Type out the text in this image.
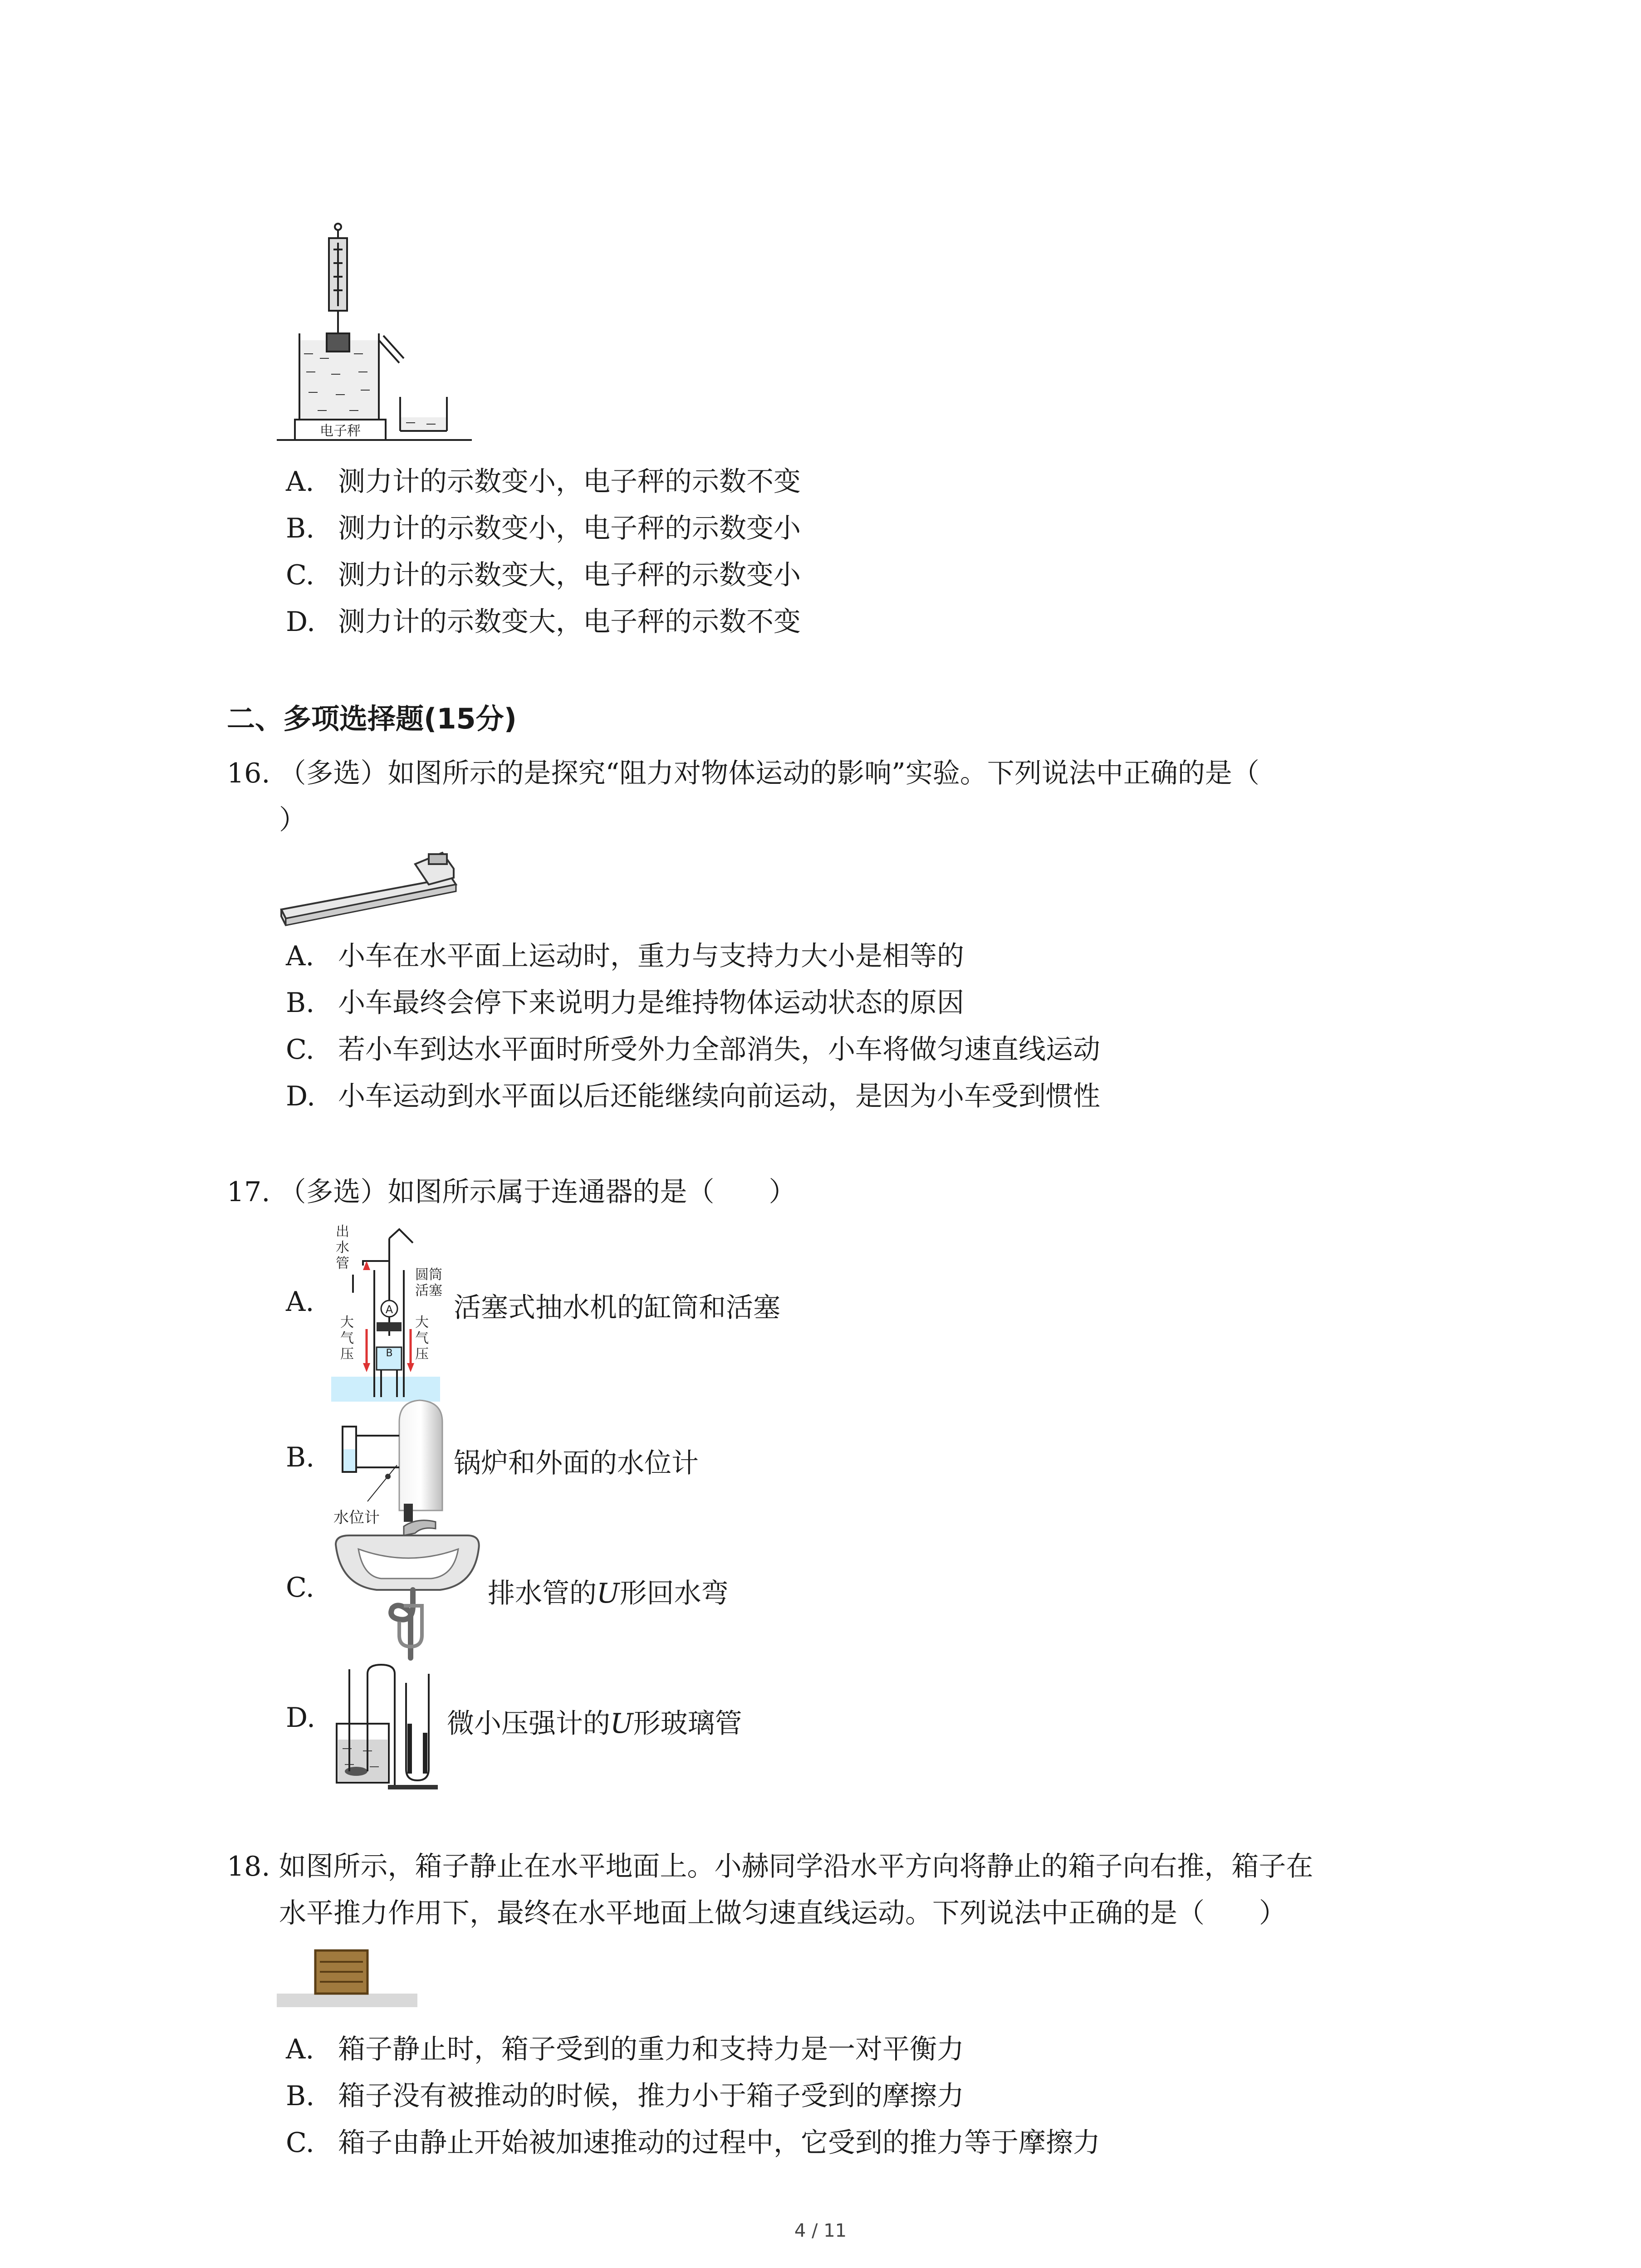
电子秤
A. 测力计的示数变小，电子秤的示数不变
B. 测力计的示数变小，电子秤的示数变小
C. 测力计的示数变大，电子秤的示数变小
D. 测力计的示数变大，电子秤的示数不变
二、多项选择题(15分)
16. （多选）如图所示的是探究“阻力对物体运动的影响”实验。下列说法中正确的是（
）
A. 小车在水平面上运动时，重力与支持力大小是相等的
B. 小车最终会停下来说明力是维持物体运动状态的原因
C. 若小车到达水平面时所受外力全部消失，小车将做匀速直线运动
D. 小车运动到水平面以后还能继续向前运动，是因为小车受到惯性
17. （多选）如图所示属于连通器的是（　　）
A.
出
水
管
圆 筒
活 塞
大
气
压
大
气
压
A
B
活塞式抽水机的缸筒和活塞
B.
水位计
锅炉和外面的水位计
C.	排水管的U形回水弯
D.	微小压强计的U形玻璃管
18. 如图所示，箱子静止在水平地面上。小赫同学沿水平方向将静止的箱子向右推，箱子在
水平推力作用下，最终在水平地面上做匀速直线运动。下列说法中正确的是（　　）
A. 箱子静止时，箱子受到的重力和支持力是一对平衡力
B. 箱子没有被推动的时候，推力小于箱子受到的摩擦力
C. 箱子由静止开始被加速推动的过程中，它受到的推力等于摩擦力
4 / 11
